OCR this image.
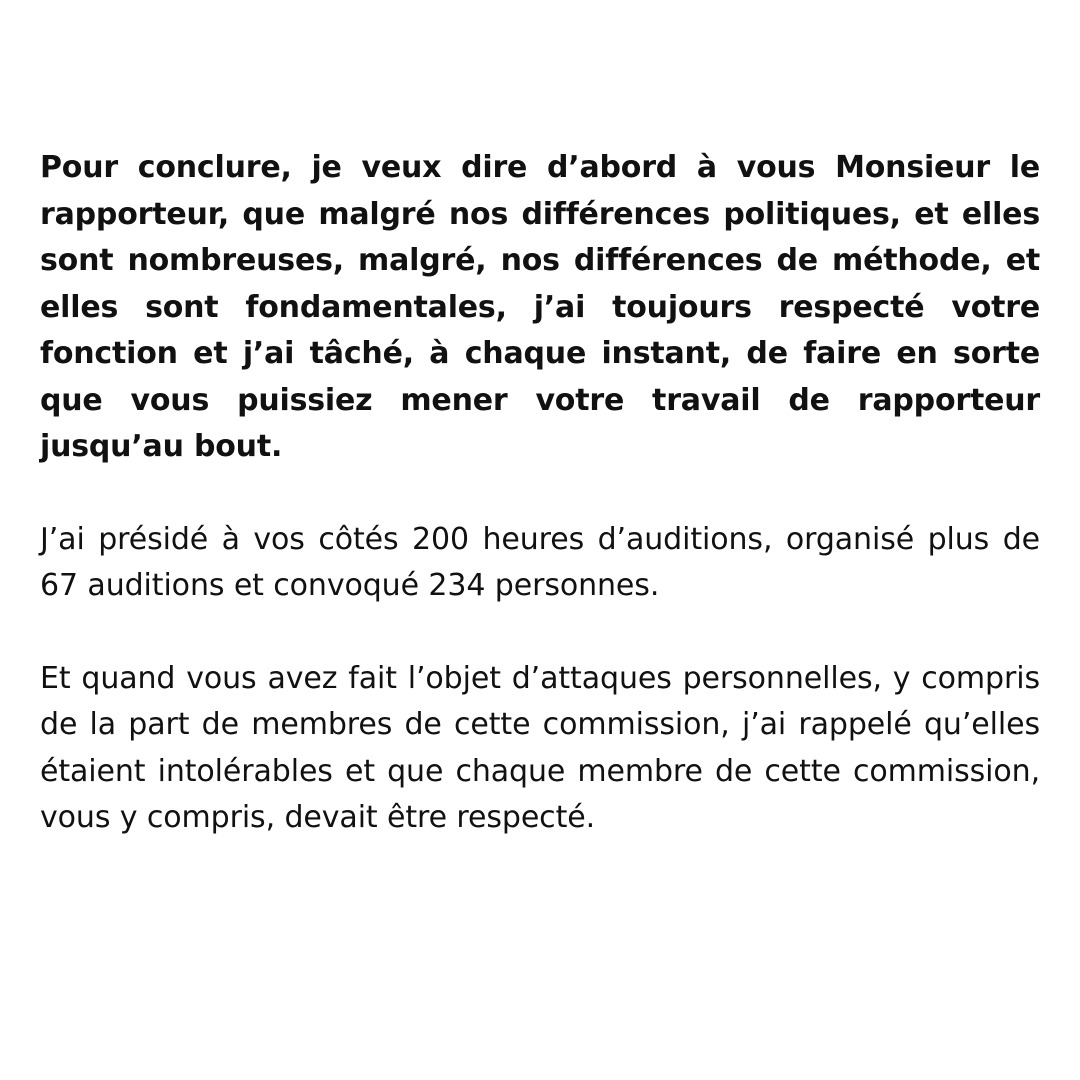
Pour conclure, je veux dire d’abord à vous Monsieur le rapporteur, que malgré nos différences politiques, et elles sont nombreuses, malgré, nos différences de méthode, et elles sont fondamentales, j’ai toujours respecté votre fonction et j’ai tâché, à chaque instant, de faire en sorte que vous puissiez mener votre travail de rapporteur jusqu’au bout.

J’ai présidé à vos côtés 200 heures d’auditions, organisé plus de 67 auditions et convoqué 234 personnes.

Et quand vous avez fait l’objet d’attaques personnelles, y compris de la part de membres de cette commission, j’ai rappelé qu’elles étaient intolérables et que chaque membre de cette commission, vous y compris, devait être respecté.
